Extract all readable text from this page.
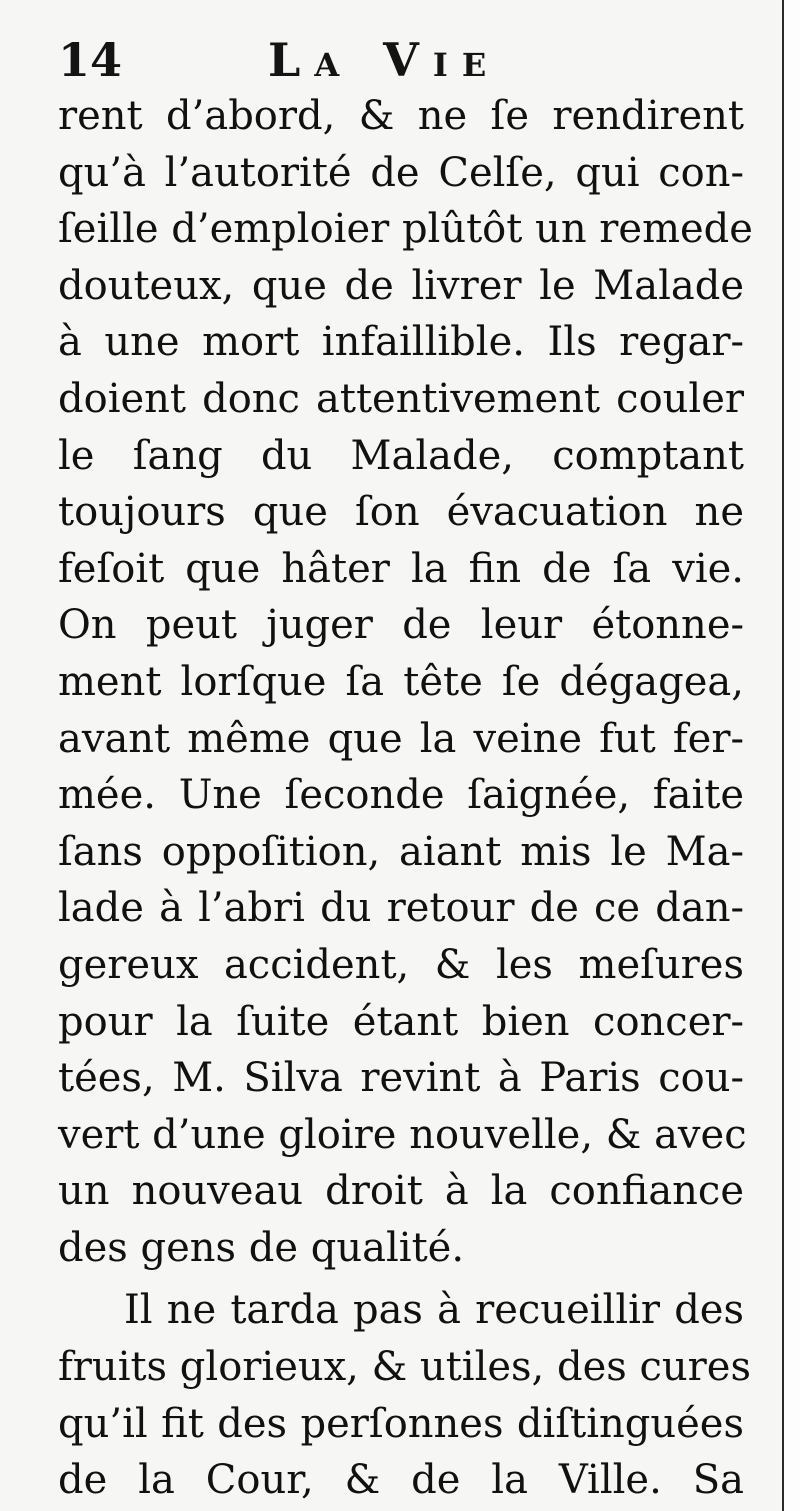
14	La Vie
rent d’abord, & ne ſe rendirent
qu’à l’autorité de Celſe, qui con-
ſeille d’emploier plûtôt un remede
douteux, que de livrer le Malade
à une mort infaillible. Ils regar-
doient donc attentivement couler
le ſang du Malade, comptant
toujours que ſon évacuation ne
feſoit que hâter la fin de ſa vie.
On peut juger de leur étonne-
ment lorſque ſa tête ſe dégagea,
avant même que la veine fut fer-
mée. Une ſeconde ſaignée, faite
ſans oppoſition, aiant mis le Ma-
lade à l’abri du retour de ce dan-
gereux accident, & les meſures
pour la ſuite étant bien concer-
tées, M. Silva revint à Paris cou-
vert d’une gloire nouvelle, & avec
un nouveau droit à la confiance
des gens de qualité.
Il ne tarda pas à recueillir des
fruits glorieux, & utiles, des cures
qu’il fit des perſonnes diſtinguées
de la Cour, & de la Ville. Sa
